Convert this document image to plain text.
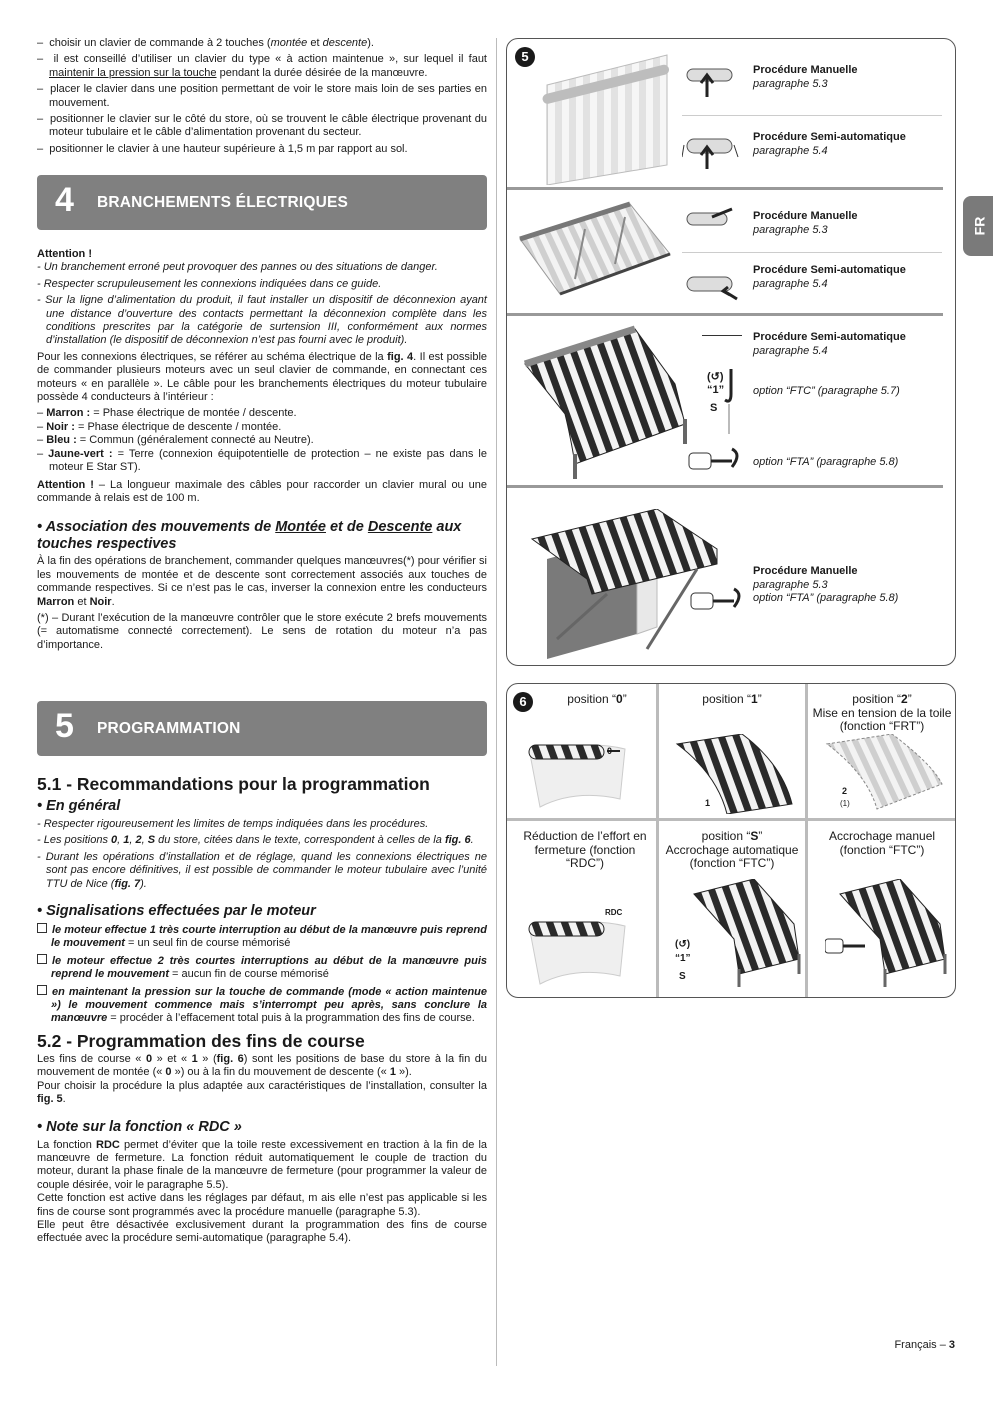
–  choisir un clavier de commande à 2 touches (montée et descente).

–  il est conseillé d’utiliser un clavier du type « à action maintenue », sur lequel il faut maintenir la pression sur la touche pendant la durée désirée de la manœuvre.

–  placer le clavier dans une position permettant de voir le store mais loin de ses parties en mouvement.

–  positionner le clavier sur le côté du store, où se trouvent le câble électrique provenant du moteur tubulaire et le câble d’alimentation provenant du secteur.

–  positionner le clavier à une hauteur supérieure à 1,5 m par rapport au sol.

4 BRANCHEMENTS ÉLECTRIQUES

Attention !

- Un branchement erroné peut provoquer des pannes ou des situations de danger.

- Respecter scrupuleusement les connexions indiquées dans ce guide.

- Sur la ligne d’alimentation du produit, il faut installer un dispositif de déconnexion ayant une distance d’ouverture des contacts permettant la déconnexion complète dans les conditions prescrites par la catégorie de surtension III, conformément aux normes d’installation (le dispositif de déconnexion n’est pas fourni avec le produit).

Pour les connexions électriques, se référer au schéma électrique de la fig. 4. Il est possible de commander plusieurs moteurs avec un seul clavier de commande, en connectant ces moteurs « en parallèle ». Le câble pour les branchements électriques du moteur tubulaire possède 4 conducteurs à l’intérieur :

– Marron : = Phase électrique de montée / descente.

– Noir : = Phase électrique de descente / montée.

– Bleu : = Commun (généralement connecté au Neutre).

– Jaune-vert : = Terre (connexion équipotentielle de protection – ne existe pas dans le moteur E Star ST).

Attention ! – La longueur maximale des câbles pour raccorder un clavier mural ou une commande à relais est de 100 m.

• Association des mouvements de Montée et de Descente aux touches respectives

À la fin des opérations de branchement, commander quelques manœuvres(*) pour vérifier si les mouvements de montée et de descente sont correctement associés aux touches de commande respectives. Si ce n’est pas le cas, inverser la connexion entre les conducteurs Marron et Noir.

(*) – Durant l’exécution de la manœuvre contrôler que le store exécute 2 brefs mouvements (= automatisme connecté correctement). Le sens de rotation du moteur n’a pas d’importance.

5 PROGRAMMATION
5.1 - Recommandations pour la programmation
• En général

- Respecter rigoureusement les limites de temps indiquées dans les procédures.

- Les positions 0, 1, 2, S du store, citées dans le texte, correspondent à celles de la fig. 6.

- Durant les opérations d’installation et de réglage, quand les connexions électriques ne sont pas encore définitives, il est possible de commander le moteur tubulaire avec l’unité TTU de Nice (fig. 7).

• Signalisations effectuées par le moteur

le moteur effectue 1 très courte interruption au début de la manœuvre puis reprend le mouvement = un seul fin de course mémorisé

le moteur effectue 2 très courtes interruptions au début de la manœuvre puis reprend le mouvement = aucun fin de course mémorisé

en maintenant la pression sur la touche de commande (mode « action maintenue ») le mouvement commence mais s’interrompt peu après, sans conclure la manœuvre = procéder à l’effacement total puis à la programmation des fins de course.

5.2 - Programmation des fins de course

Les fins de course « 0 » et « 1 » (fig. 6) sont les positions de base du store à la fin du mouvement de montée (« 0 ») ou à la fin du mouvement de descente (« 1 »).

Pour choisir la procédure la plus adaptée aux caractéristiques de l’installation, consulter la fig. 5.

• Note sur la fonction « RDC »

La fonction RDC permet d’éviter que la toile reste excessivement en traction à la fin de la manœuvre de fermeture. La fonction réduit automatiquement le couple de traction du moteur, durant la phase finale de la manœuvre de fermeture (pour programmer la valeur de couple désirée, voir le paragraphe 5.5).

Cette fonction est active dans les réglages par défaut, m ais elle n’est pas applicable si les fins de course sont programmés avec la procédure manuelle (paragraphe 5.3).

Elle peut être désactivée exclusivement durant la programmation des fins de course effectuée avec la procédure semi-automatique (paragraphe 5.4).

5
Procédure Manuelle
paragraphe 5.3
Procédure Semi-automatique
paragraphe 5.4
Procédure Manuelle
paragraphe 5.3
Procédure Semi-automatique
paragraphe 5.4
Procédure Semi-automatique
paragraphe 5.4
(↺)
“1”
S
option “FTC” (paragraphe 5.7)
option “FTA” (paragraphe 5.8)
Procédure Manuelle
paragraphe 5.3
option “FTA” (paragraphe 5.8)
6	position “0”	position “1”	position “2”
Mise en tension de la toile (fonction “FRT”)
0
1
2
(1)
Réduction de l’effort en fermeture (fonction “RDC”)
position “S”
Accrochage automatique (fonction “FTC”)
Accrochage manuel (fonction “FTC”)
RDC
(↺)
“1”
S
FR
Français – 3
